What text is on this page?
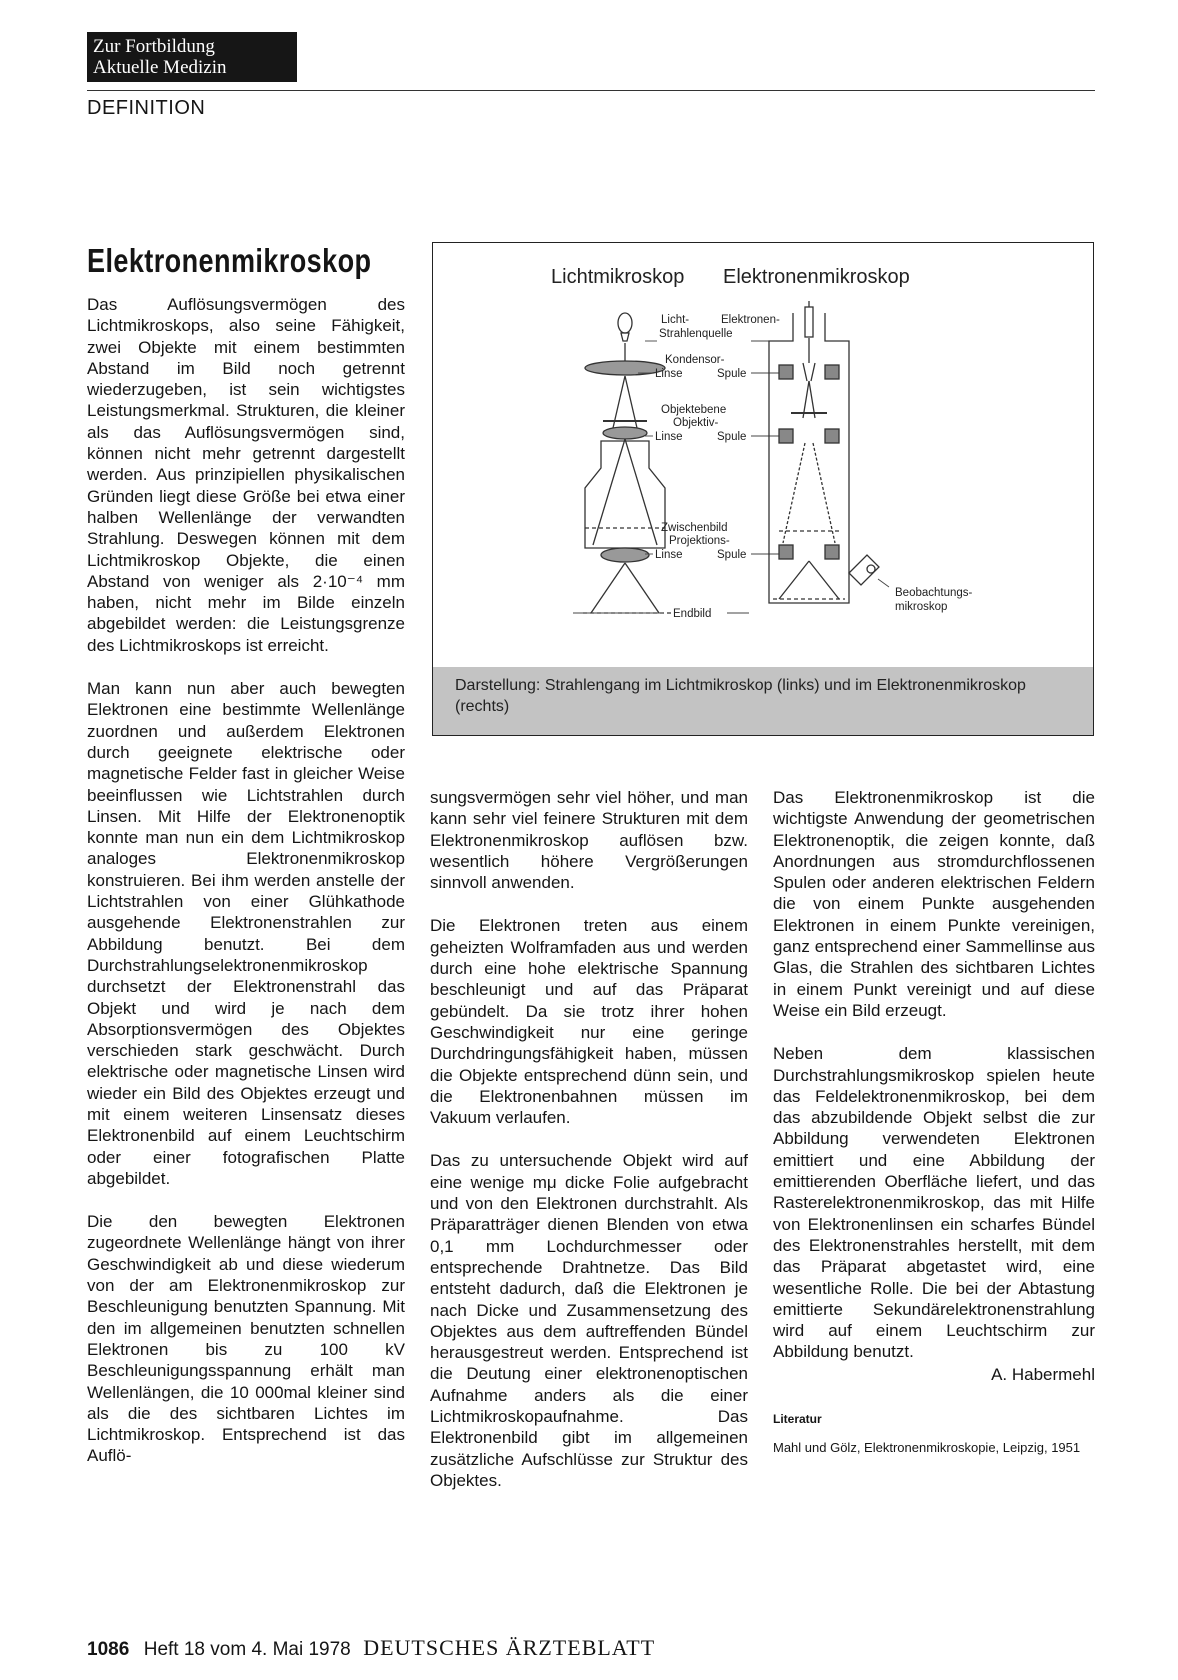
Zur Fortbildung
Aktuelle Medizin
DEFINITION
Elektronenmikroskop

Das Auflösungsvermögen des Lichtmikroskops, also seine Fähigkeit, zwei Objekte mit einem bestimmten Abstand im Bild noch getrennt wiederzugeben, ist sein wichtigstes Leistungsmerkmal. Strukturen, die kleiner als das Auflösungsvermögen sind, können nicht mehr getrennt dargestellt werden. Aus prinzipiellen physikalischen Gründen liegt diese Größe bei etwa einer halben Wellenlänge der verwandten Strahlung. Deswegen können mit dem Lichtmikroskop Objekte, die einen Abstand von weniger als 2·10⁻⁴ mm haben, nicht mehr im Bilde einzeln abgebildet werden: die Leistungsgrenze des Lichtmikroskops ist erreicht.

Man kann nun aber auch bewegten Elektronen eine bestimmte Wellenlänge zuordnen und außerdem Elektronen durch geeignete elektrische oder magnetische Felder fast in gleicher Weise beeinflussen wie Lichtstrahlen durch Linsen. Mit Hilfe der Elektronenoptik konnte man nun ein dem Lichtmikroskop analoges Elektronenmikroskop konstruieren. Bei ihm werden anstelle der Lichtstrahlen von einer Glühkathode ausgehende Elektronenstrahlen zur Abbildung benutzt. Bei dem Durchstrahlungselektronenmikroskop durchsetzt der Elektronenstrahl das Objekt und wird je nach dem Absorptionsvermögen des Objektes verschieden stark geschwächt. Durch elektrische oder magnetische Linsen wird wieder ein Bild des Objektes erzeugt und mit einem weiteren Linsensatz dieses Elektronenbild auf einem Leuchtschirm oder einer fotografischen Platte abgebildet.

Die den bewegten Elektronen zugeordnete Wellenlänge hängt von ihrer Geschwindigkeit ab und diese wiederum von der am Elektronenmikroskop zur Beschleunigung benutzten Spannung. Mit den im allgemeinen benutzten schnellen Elektronen bis zu 100 kV Beschleunigungsspannung erhält man Wellenlängen, die 10 000mal kleiner sind als die des sichtbaren Lichtes im Lichtmikroskop. Entsprechend ist das Auflö-

Lichtmikroskop Elektronenmikroskop
Licht-	Elektronen-
Strahlenquelle
Kondensor-
Linse	Spule
Objektebene
Objektiv-
Linse	Spule
Zwischenbild
Projektions-
Linse	Spule
Endbild
Beobachtungs-
mikroskop
Darstellung: Strahlengang im Lichtmikroskop (links) und im Elektronenmikroskop (rechts)

sungsvermögen sehr viel höher, und man kann sehr viel feinere Strukturen mit dem Elektronenmikroskop auflösen bzw. wesentlich höhere Vergrößerungen sinnvoll anwenden.

Die Elektronen treten aus einem geheizten Wolframfaden aus und werden durch eine hohe elektrische Spannung beschleunigt und auf das Präparat gebündelt. Da sie trotz ihrer hohen Geschwindigkeit nur eine geringe Durchdringungsfähigkeit haben, müssen die Objekte entsprechend dünn sein, und die Elektronenbahnen müssen im Vakuum verlaufen.

Das zu untersuchende Objekt wird auf eine wenige mμ dicke Folie aufgebracht und von den Elektronen durchstrahlt. Als Präparatträger dienen Blenden von etwa 0,1 mm Lochdurchmesser oder entsprechende Drahtnetze. Das Bild entsteht dadurch, daß die Elektronen je nach Dicke und Zusammensetzung des Objektes aus dem auftreffenden Bündel herausgestreut werden. Entsprechend ist die Deutung einer elektronenoptischen Aufnahme anders als die einer Lichtmikroskopaufnahme. Das Elektronenbild gibt im allgemeinen zusätzliche Aufschlüsse zur Struktur des Objektes.

Das Elektronenmikroskop ist die wichtigste Anwendung der geometrischen Elektronenoptik, die zeigen konnte, daß Anordnungen aus stromdurchflossenen Spulen oder anderen elektrischen Feldern die von einem Punkte ausgehenden Elektronen in einem Punkte vereinigen, ganz entsprechend einer Sammellinse aus Glas, die Strahlen des sichtbaren Lichtes in einem Punkt vereinigt und auf diese Weise ein Bild erzeugt.

Neben dem klassischen Durchstrahlungsmikroskop spielen heute das Feldelektronenmikroskop, bei dem das abzubildende Objekt selbst die zur Abbildung verwendeten Elektronen emittiert und eine Abbildung der emittierenden Oberfläche liefert, und das Rasterelektronenmikroskop, das mit Hilfe von Elektronenlinsen ein scharfes Bündel des Elektronenstrahles herstellt, mit dem das Präparat abgetastet wird, eine wesentliche Rolle. Die bei der Abtastung emittierte Sekundärelektronenstrahlung wird auf einem Leuchtschirm zur Abbildung benutzt.

A. Habermehl
Literatur
Mahl und Gölz, Elektronenmikroskopie, Leipzig, 1951
1086 Heft 18 vom 4. Mai 1978 DEUTSCHES ÄRZTEBLATT
